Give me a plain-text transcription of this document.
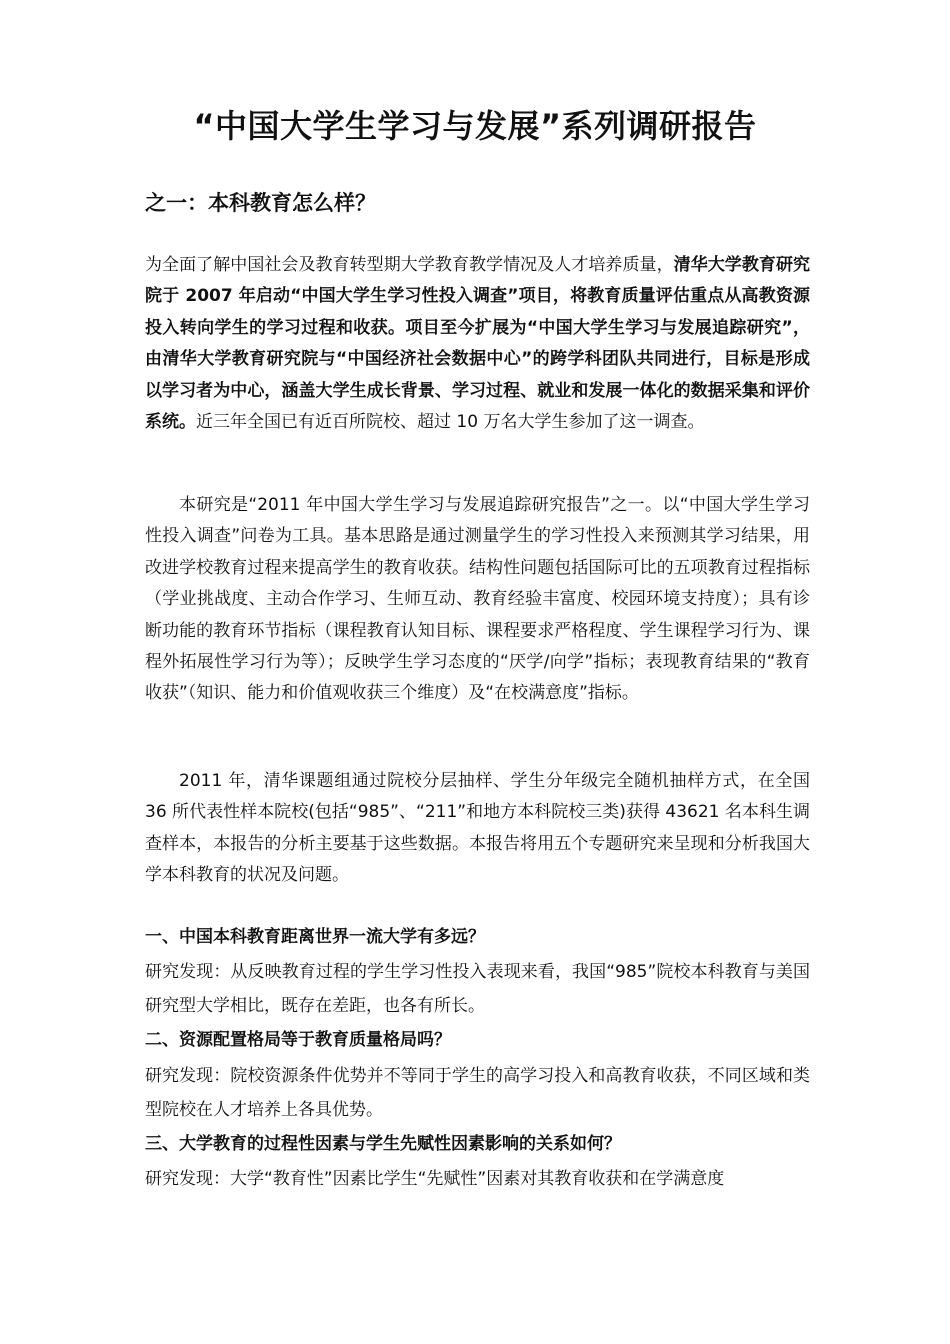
“中国大学生学习与发展”系列调研报告
之一：本科教育怎么样？

为全面了解中国社会及教育转型期大学教育教学情况及人才培养质量，清华大学教育研究院于 2007 年启动“中国大学生学习性投入调查”项目，将教育质量评估重点从高教资源投入转向学生的学习过程和收获。项目至今扩展为“中国大学生学习与发展追踪研究”，由清华大学教育研究院与“中国经济社会数据中心”的跨学科团队共同进行，目标是形成以学习者为中心，涵盖大学生成长背景、学习过程、就业和发展一体化的数据采集和评价系统。近三年全国已有近百所院校、超过 10 万名大学生参加了这一调查。

本研究是“2011 年中国大学生学习与发展追踪研究报告”之一。以“中国大学生学习性投入调查”问卷为工具。基本思路是通过测量学生的学习性投入来预测其学习结果，用改进学校教育过程来提高学生的教育收获。结构性问题包括国际可比的五项教育过程指标（学业挑战度、主动合作学习、生师互动、教育经验丰富度、校园环境支持度）；具有诊断功能的教育环节指标（课程教育认知目标、课程要求严格程度、学生课程学习行为、课程外拓展性学习行为等）；反映学生学习态度的“厌学/向学”指标；表现教育结果的“教育收获”（知识、能力和价值观收获三个维度）及“在校满意度”指标。

2011 年，清华课题组通过院校分层抽样、学生分年级完全随机抽样方式，在全国 36 所代表性样本院校(包括“985”、“211”和地方本科院校三类)获得 43621 名本科生调查样本，本报告的分析主要基于这些数据。本报告将用五个专题研究来呈现和分析我国大学本科教育的状况及问题。

一、中国本科教育距离世界一流大学有多远？

研究发现：从反映教育过程的学生学习性投入表现来看，我国“985”院校本科教育与美国研究型大学相比，既存在差距，也各有所长。

二、资源配置格局等于教育质量格局吗？

研究发现：院校资源条件优势并不等同于学生的高学习投入和高教育收获，不同区域和类型院校在人才培养上各具优势。

三、大学教育的过程性因素与学生先赋性因素影响的关系如何？

研究发现：大学“教育性”因素比学生“先赋性”因素对其教育收获和在学满意度
